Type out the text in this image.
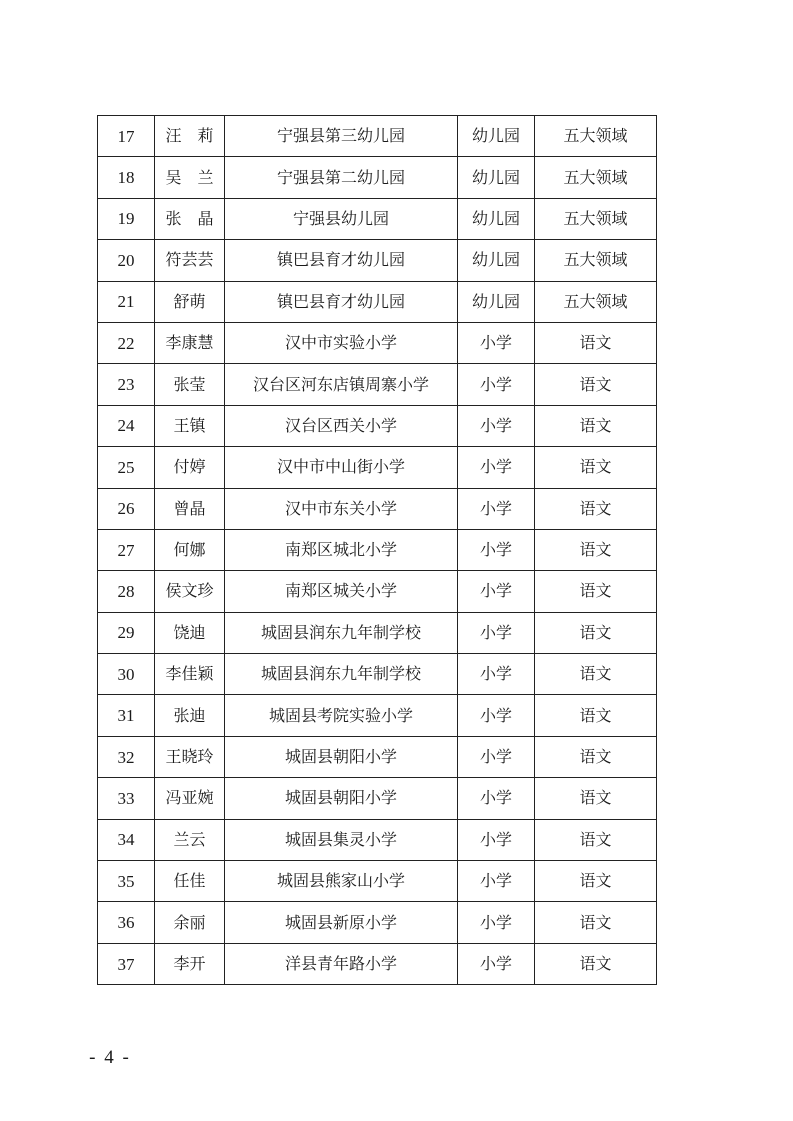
17	汪　莉	宁强县第三幼儿园	幼儿园	五大领域
18	吴　兰	宁强县第二幼儿园	幼儿园	五大领域
19	张　晶	宁强县幼儿园	幼儿园	五大领域
20	符芸芸	镇巴县育才幼儿园	幼儿园	五大领域
21	舒萌	镇巴县育才幼儿园	幼儿园	五大领域
22	李康慧	汉中市实验小学	小学	语文
23	张莹	汉台区河东店镇周寨小学	小学	语文
24	王镇	汉台区西关小学	小学	语文
25	付婷	汉中市中山街小学	小学	语文
26	曾晶	汉中市东关小学	小学	语文
27	何娜	南郑区城北小学	小学	语文
28	侯文珍	南郑区城关小学	小学	语文
29	饶迪	城固县润东九年制学校	小学	语文
30	李佳颖	城固县润东九年制学校	小学	语文
31	张迪	城固县考院实验小学	小学	语文
32	王晓玲	城固县朝阳小学	小学	语文
33	冯亚婉	城固县朝阳小学	小学	语文
34	兰云	城固县集灵小学	小学	语文
35	任佳	城固县熊家山小学	小学	语文
36	余丽	城固县新原小学	小学	语文
37	李开	洋县青年路小学	小学	语文
- 4 -
